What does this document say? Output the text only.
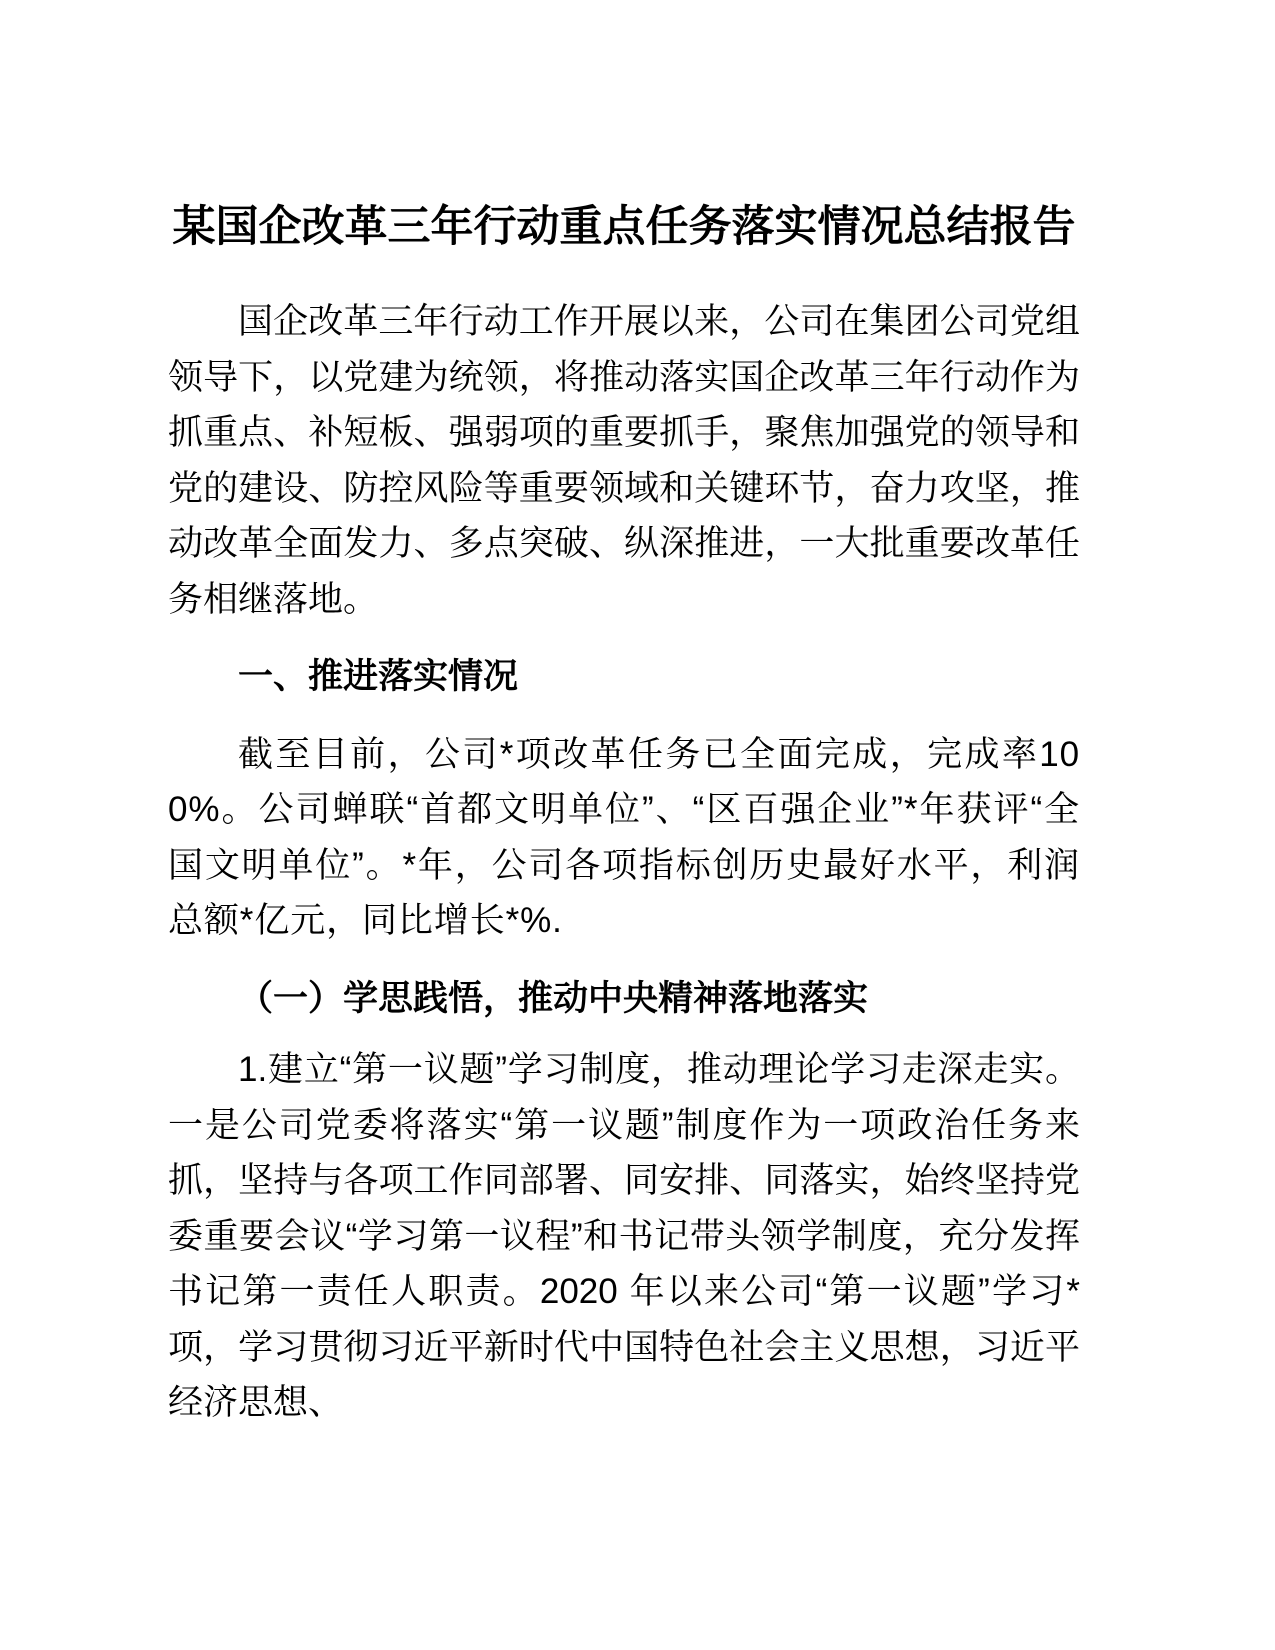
某国企改革三年行动重点任务落实情况总结报告

国企改革三年行动工作开展以来，公司在集团公司党组领导下，以党建为统领，将推动落实国企改革三年行动作为抓重点、补短板、强弱项的重要抓手，聚焦加强党的领导和党的建设、防控风险等重要领域和关键环节，奋力攻坚，推动改革全面发力、多点突破、纵深推进，一大批重要改革任务相继落地。

一、推进落实情况

截至目前，公司*项改革任务已全面完成，完成率100%。公司蝉联“首都文明单位”、“区百强企业”*年获评“全国文明单位”。*年，公司各项指标创历史最好水平，利润总额*亿元，同比增长*%.

（一）学思践悟，推动中央精神落地落实

1.建立“第一议题”学习制度，推动理论学习走深走实。一是公司党委将落实“第一议题”制度作为一项政治任务来抓，坚持与各项工作同部署、同安排、同落实，始终坚持党委重要会议“学习第一议程”和书记带头领学制度，充分发挥书记第一责任人职责。2020 年以来公司“第一议题”学习*项，学习贯彻习近平新时代中国特色社会主义思想，习近平经济思想、
